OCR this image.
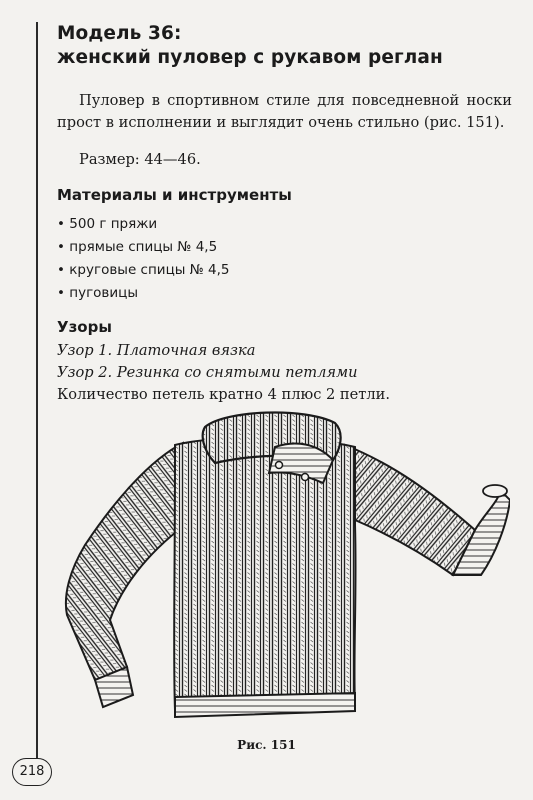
Модель 36:
женский пуловер с рукавом реглан

Пуловер в спортивном стиле для повседневной носки прост в исполнении и выглядит очень стильно (рис. 151).

Размер: 44—46.

Материалы и инструменты
• 500 г пряжи
• прямые спицы № 4,5
• круговые спицы № 4,5
• пуговицы
Узоры
Узор 1. Платочная вязка
Узор 2. Резинка со снятыми петлями
Количество петель кратно 4 плюс 2 петли.
Рис. 151
218
